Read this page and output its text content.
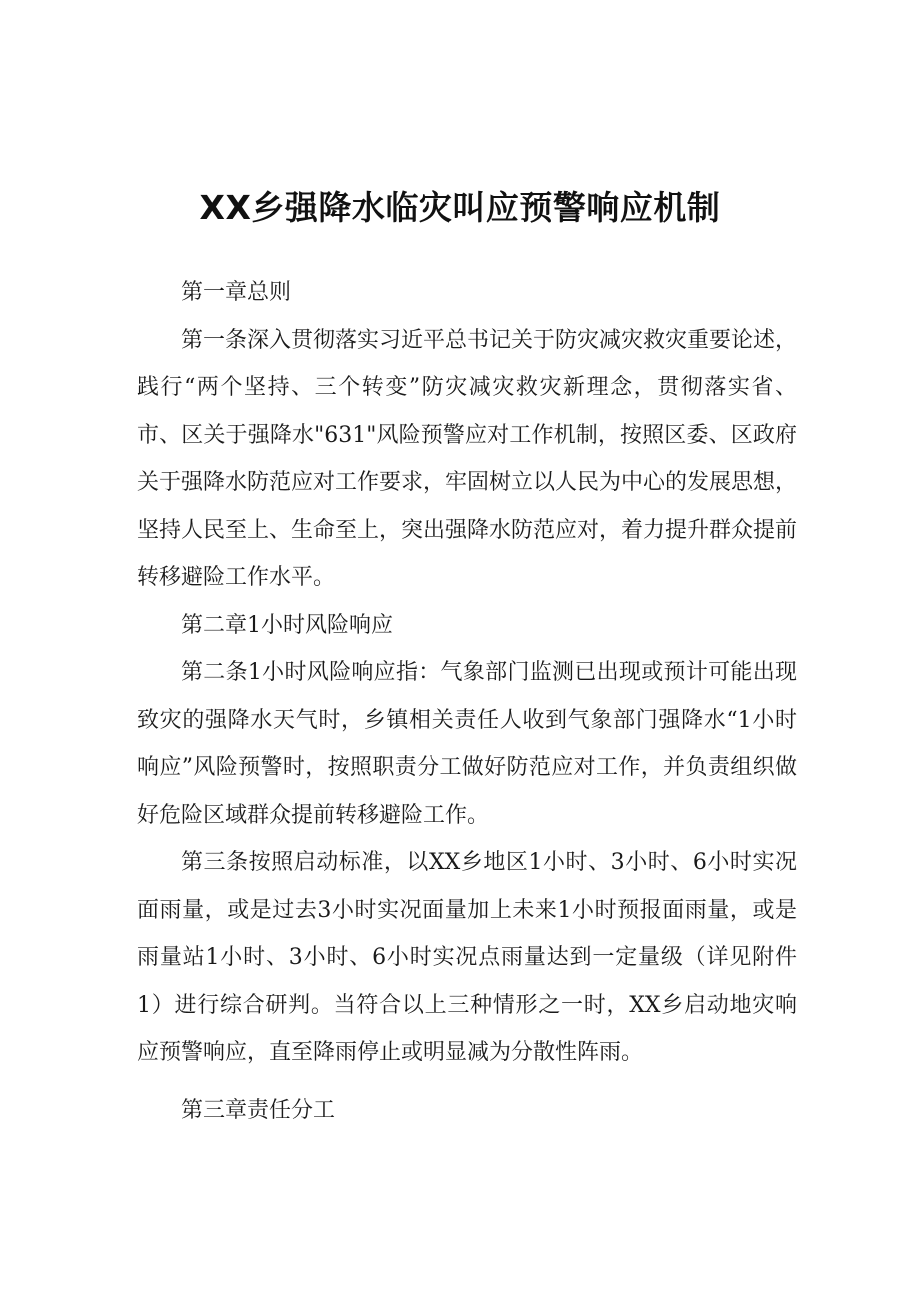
XX乡强降水临灾叫应预警响应机制

第一章总则

第一条深入贯彻落实习近平总书记关于防灾减灾救灾重要论述，践行“两个坚持、三个转变”防灾减灾救灾新理念，贯彻落实省、市、区关于强降水"631"风险预警应对工作机制，按照区委、区政府关于强降水防范应对工作要求，牢固树立以人民为中心的发展思想，坚持人民至上、生命至上，突出强降水防范应对，着力提升群众提前转移避险工作水平。

第二章1小时风险响应

第二条1小时风险响应指：气象部门监测已出现或预计可能出现致灾的强降水天气时，乡镇相关责任人收到气象部门强降水“1小时响应”风险预警时，按照职责分工做好防范应对工作，并负责组织做好危险区域群众提前转移避险工作。

第三条按照启动标准，以XX乡地区1小时、3小时、6小时实况面雨量，或是过去3小时实况面量加上未来1小时预报面雨量，或是雨量站1小时、3小时、6小时实况点雨量达到一定量级（详见附件1）进行综合研判。当符合以上三种情形之一时，XX乡启动地灾响应预警响应，直至降雨停止或明显减为分散性阵雨。

第三章责任分工
